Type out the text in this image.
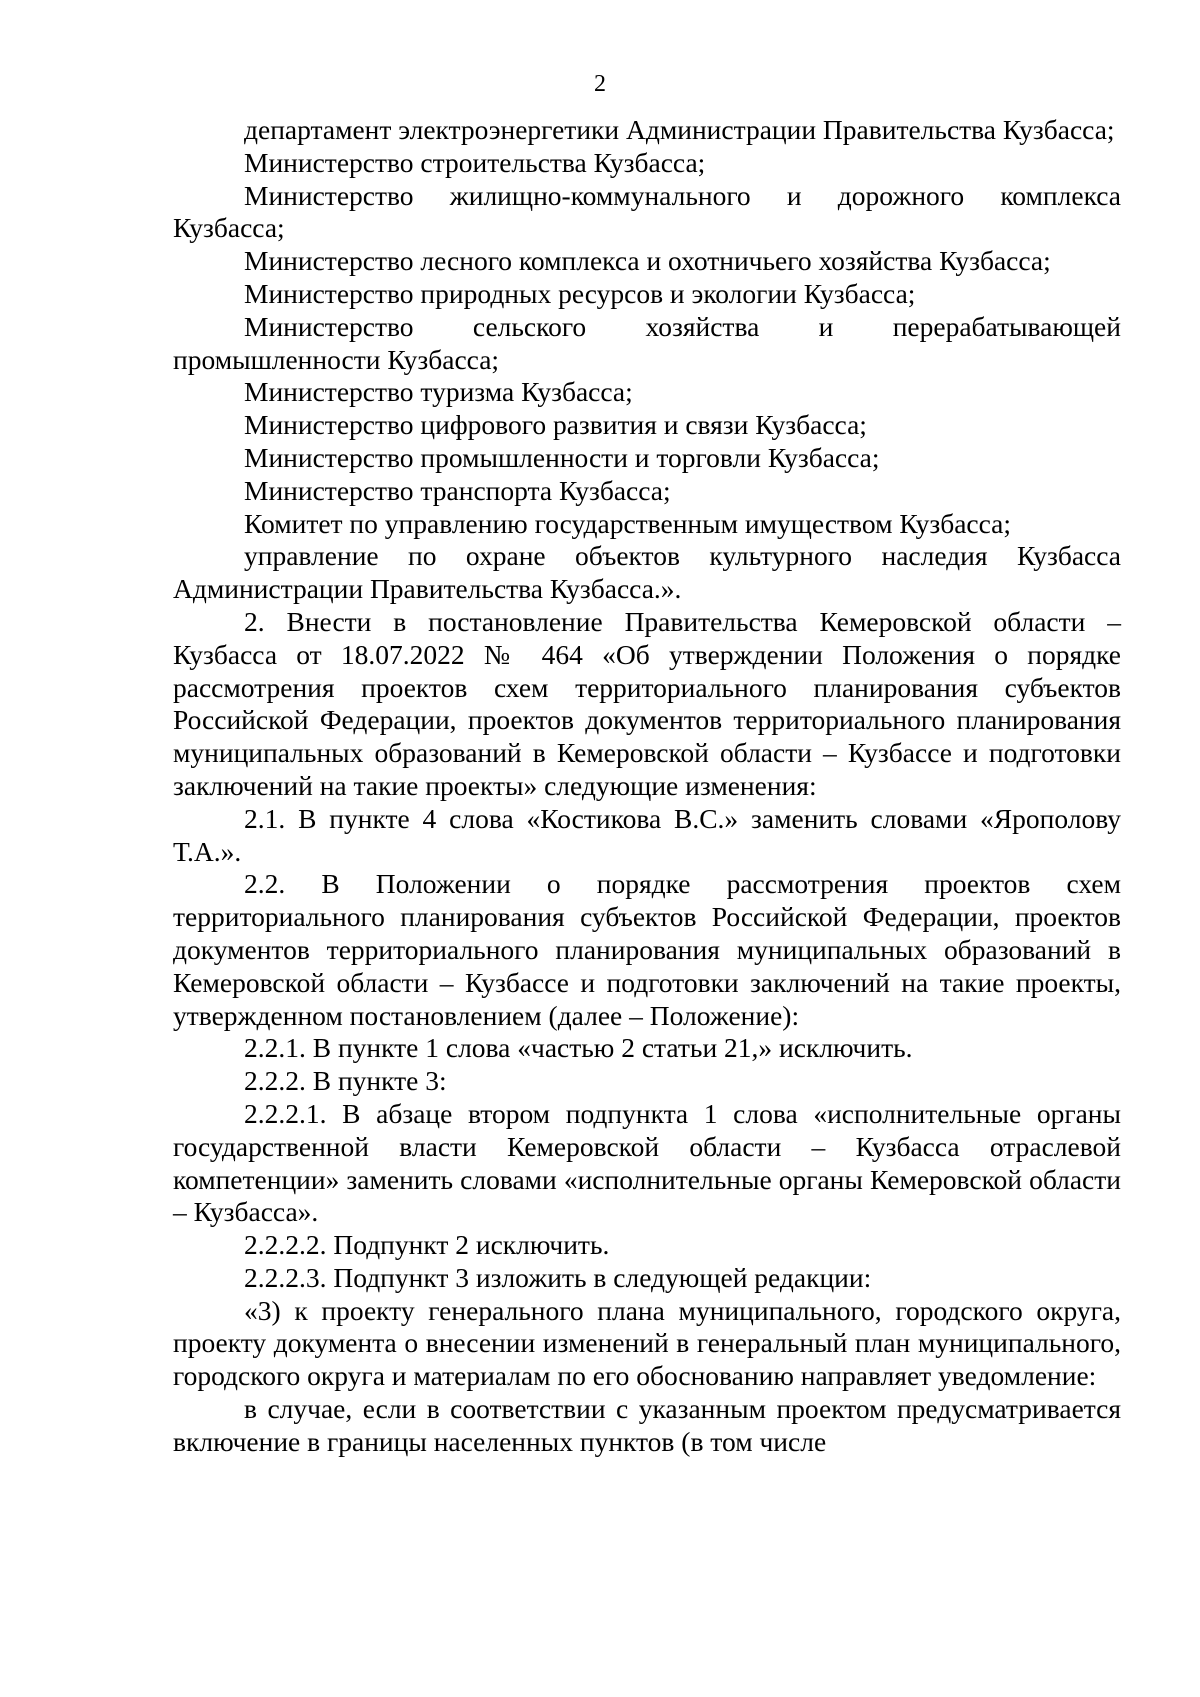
2

департамент электроэнергетики Администрации Правительства Кузбасса;

Министерство строительства Кузбасса;

Министерство жилищно-коммунального и дорожного комплекса Кузбасса;

Министерство лесного комплекса и охотничьего хозяйства Кузбасса;

Министерство природных ресурсов и экологии Кузбасса;

Министерство сельского хозяйства и перерабатывающей промышленности Кузбасса;

Министерство туризма Кузбасса;

Министерство цифрового развития и связи Кузбасса;

Министерство промышленности и торговли Кузбасса;

Министерство транспорта Кузбасса;

Комитет по управлению государственным имуществом Кузбасса;

управление по охране объектов культурного наследия Кузбасса Администрации Правительства Кузбасса.».

2. Внести в постановление Правительства Кемеровской области – Кузбасса от 18.07.2022 № 464 «Об утверждении Положения о порядке рассмотрения проектов схем территориального планирования субъектов Российской Федерации, проектов документов территориального планирования муниципальных образований в Кемеровской области – Кузбассе и подготовки заключений на такие проекты» следующие изменения:

2.1. В пункте 4 слова «Костикова В.С.» заменить словами «Ярополову Т.А.».

2.2. В Положении о порядке рассмотрения проектов схем территориального планирования субъектов Российской Федерации, проектов документов территориального планирования муниципальных образований в Кемеровской области – Кузбассе и подготовки заключений на такие проекты, утвержденном постановлением (далее – Положение):

2.2.1. В пункте 1 слова «частью 2 статьи 21,» исключить.

2.2.2. В пункте 3:

2.2.2.1. В абзаце втором подпункта 1 слова «исполнительные органы государственной власти Кемеровской области – Кузбасса отраслевой компетенции» заменить словами «исполнительные органы Кемеровской области – Кузбасса».

2.2.2.2. Подпункт 2 исключить.

2.2.2.3. Подпункт 3 изложить в следующей редакции:

«3) к проекту генерального плана муниципального, городского округа, проекту документа о внесении изменений в генеральный план муниципального, городского округа и материалам по его обоснованию направляет уведомление:

в случае, если в соответствии с указанным проектом предусматривается включение в границы населенных пунктов (в том числе
